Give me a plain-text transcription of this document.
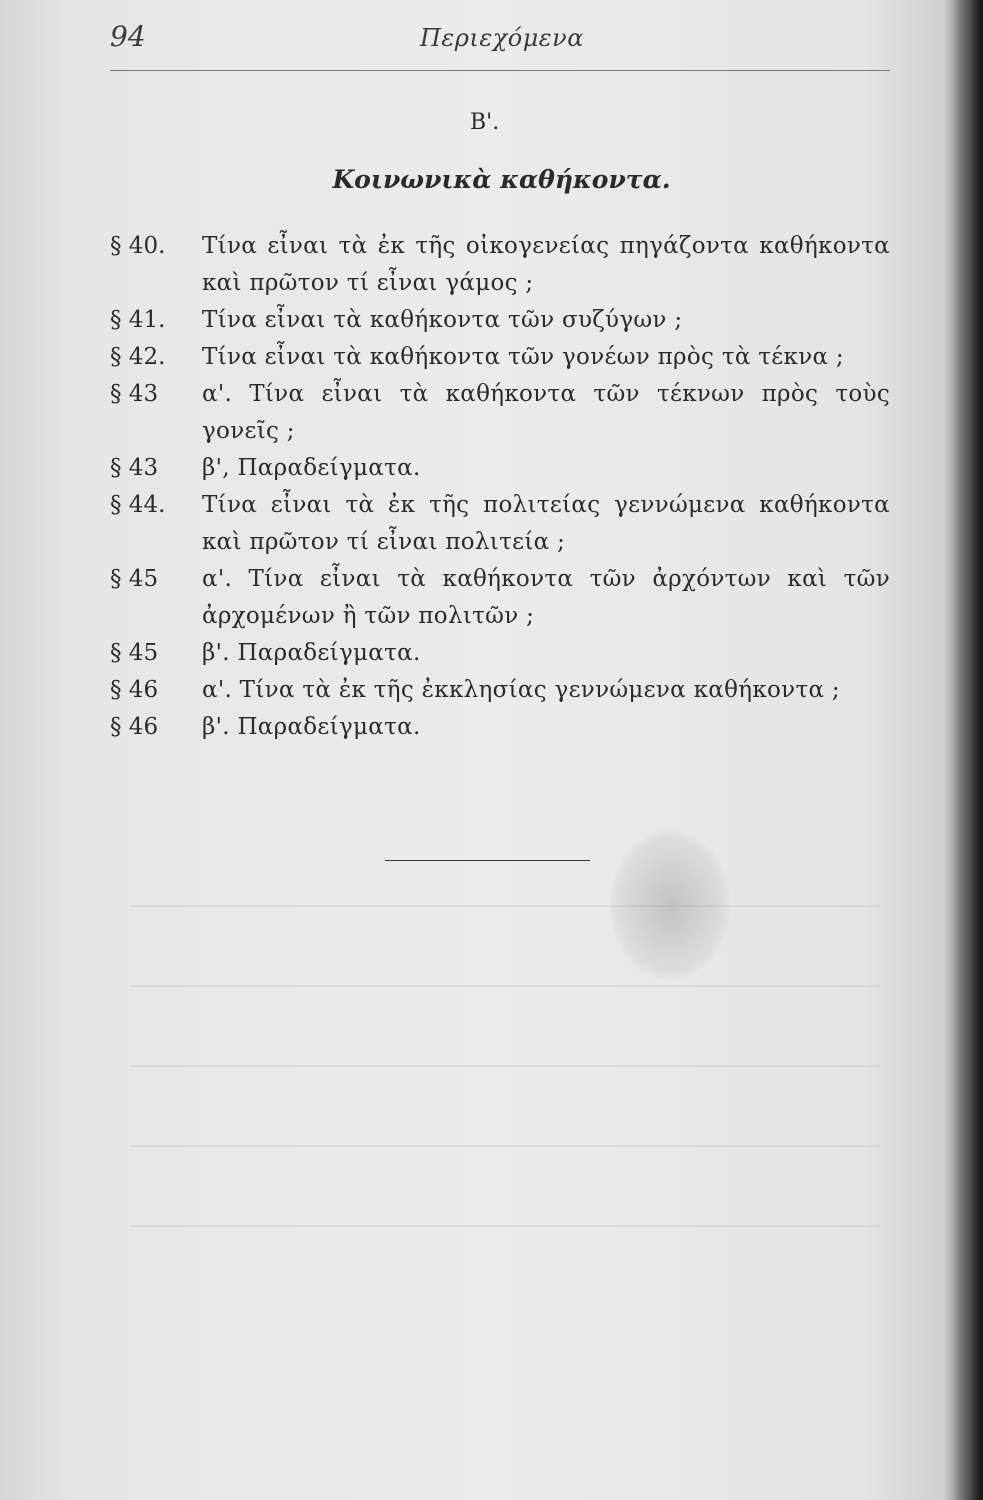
94	Περιεχόμενα
Β'.
Κοινωνικὰ καθήκοντα.
§ 40. Τίνα εἶναι τὰ ἐκ τῆς οἰκογενείας πηγάζοντα καθήκοντα καὶ πρῶτον τί εἶναι γάμος ;
§ 41. Τίνα εἶναι τὰ καθήκοντα τῶν συζύγων ;
§ 42. Τίνα εἶναι τὰ καθήκοντα τῶν γονέων πρὸς τὰ τέκνα ;
§ 43 α'. Τίνα εἶναι τὰ καθήκοντα τῶν τέκνων πρὸς τοὺς γονεῖς ;
§ 43 β', Παραδείγματα.
§ 44. Τίνα εἶναι τὰ ἐκ τῆς πολιτείας γεννώμενα καθήκοντα καὶ πρῶτον τί εἶναι πολιτεία ;
§ 45 α'. Τίνα εἶναι τὰ καθήκοντα τῶν ἀρχόντων καὶ τῶν ἀρχομένων ἢ τῶν πολιτῶν ;
§ 45 β'. Παραδείγματα.
§ 46 α'. Τίνα τὰ ἐκ τῆς ἐκκλησίας γεννώμενα καθήκοντα ;
§ 46 β'. Παραδείγματα.
